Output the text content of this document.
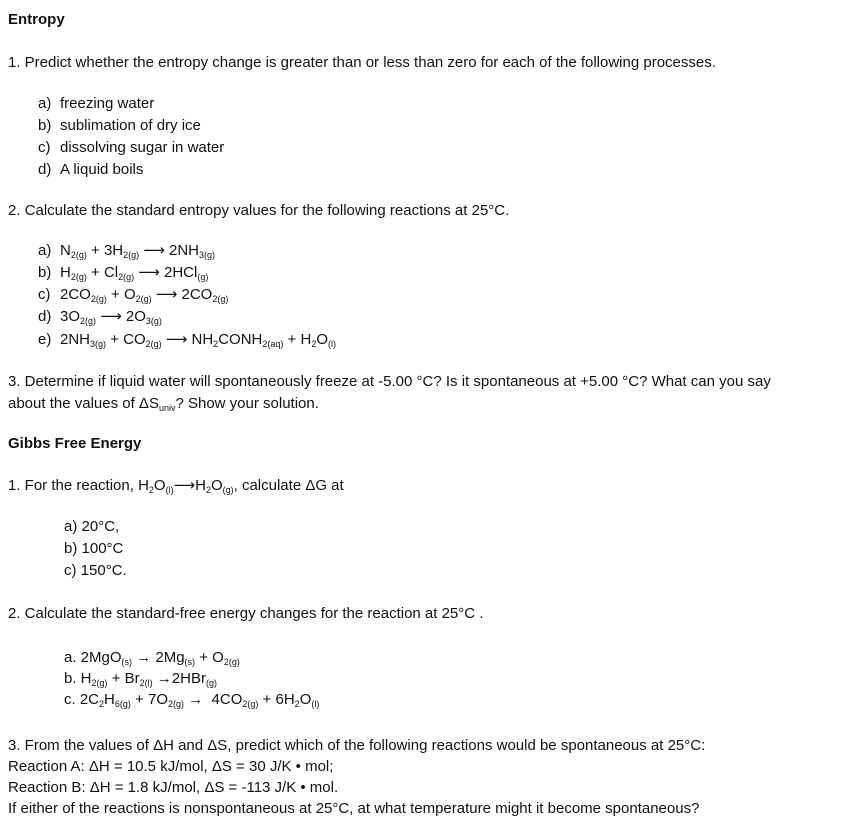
Entropy
1. Predict whether the entropy change is greater than or less than zero for each of the following processes.
a) freezing water
b) sublimation of dry ice
c) dissolving sugar in water
d) A liquid boils
2. Calculate the standard entropy values for the following reactions at 25°C.
a) $N_{2(g)} + 3H_{2(g)}$ ⟶ $2NH_{3(g)}$
b) $H_{2(g)} + Cl_{2(g)}$ ⟶ 2HCl$_{(g)}$
c) $2CO_{2(g)} + O_{2(g)}$ ⟶ $2CO_{2(g)}$
d) $3O_{2(g)}$ ⟶ $2O_{3(g)}$
e) $2NH_{3(g)} + CO_{2(g)}$ ⟶ $NH_2CONH_{2(aq)} + H_2O_{(l)}$
3. Determine if liquid water will spontaneously freeze at -5.00 °C? Is it spontaneous at +5.00 °C? What can you say
about the values of $\Delta S_{univ}$? Show your solution.
Gibbs Free Energy
1. For the reaction, $H_2O_{(l)}⟶H_2O_{(g)}$, calculate ΔG at
a) 20°C,
b) 100°C
c) 150°C.
2. Calculate the standard-free energy changes for the reaction at 25°C .
a. $2MgO_{(s)} \to 2Mg_{(s)} + O_{2(g)}$
b. $H_{2(g)} + Br_{2(l)} \to 2HBr_{(g)}$
c. $2C_2H_{6(g)} + 7O_{2(g)} \to 4CO_{2(g)} + 6H_2O_{(l)}$
3. From the values of ΔH and ΔS, predict which of the following reactions would be spontaneous at 25°C:
Reaction A: ΔH = 10.5 kJ/mol, ΔS = 30 J/K • mol;
Reaction B: ΔH = 1.8 kJ/mol, ΔS = -113 J/K • mol.
If either of the reactions is nonspontaneous at 25°C, at what temperature might it become spontaneous?
